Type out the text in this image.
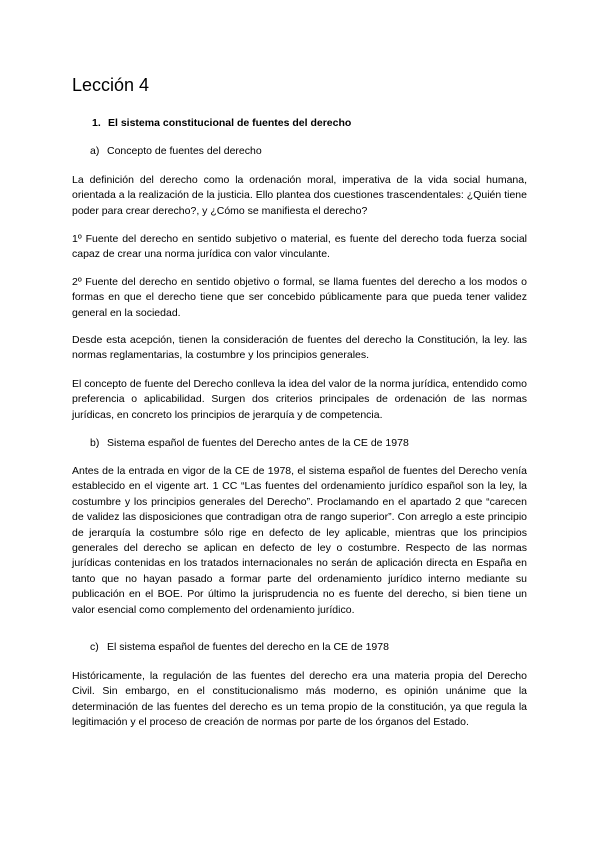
Lección 4
1. El sistema constitucional de fuentes del derecho
a) Concepto de fuentes del derecho

La definición del derecho como la ordenación moral, imperativa de la vida social humana, orientada a la realización de la justicia. Ello plantea dos cuestiones trascendentales: ¿Quién tiene poder para crear derecho?, y ¿Cómo se manifiesta el derecho?

1º Fuente del derecho en sentido subjetivo o material, es fuente del derecho toda fuerza social capaz de crear una norma jurídica con valor vinculante.

2º Fuente del derecho en sentido objetivo o formal, se llama fuentes del derecho a los modos o formas en que el derecho tiene que ser concebido públicamente para que pueda tener validez general en la sociedad.

Desde esta acepción, tienen la consideración de fuentes del derecho la Constitución, la ley. las normas reglamentarias, la costumbre y los principios generales.

El concepto de fuente del Derecho conlleva la idea del valor de la norma jurídica, entendido como preferencia o aplicabilidad. Surgen dos criterios principales de ordenación de las normas jurídicas, en concreto los principios de jerarquía y de competencia.

b) Sistema español de fuentes del Derecho antes de la CE de 1978

Antes de la entrada en vigor de la CE de 1978, el sistema español de fuentes del Derecho venía establecido en el vigente art. 1 CC “Las fuentes del ordenamiento jurídico español son la ley, la costumbre y los principios generales del Derecho”. Proclamando en el apartado 2 que “carecen de validez las disposiciones que contradigan otra de rango superior”. Con arreglo a este principio de jerarquía la costumbre sólo rige en defecto de ley aplicable, mientras que los principios generales del derecho se aplican en defecto de ley o costumbre. Respecto de las normas jurídicas contenidas en los tratados internacionales no serán de aplicación directa en España en tanto que no hayan pasado a formar parte del ordenamiento jurídico interno mediante su publicación en el BOE. Por último la jurisprudencia no es fuente del derecho, si bien tiene un valor esencial como complemento del ordenamiento jurídico.

c) El sistema español de fuentes del derecho en la CE de 1978

Históricamente, la regulación de las fuentes del derecho era una materia propia del Derecho Civil. Sin embargo, en el constitucionalismo más moderno, es opinión unánime que la determinación de las fuentes del derecho es un tema propio de la constitución, ya que regula la legitimación y el proceso de creación de normas por parte de los órganos del Estado.
